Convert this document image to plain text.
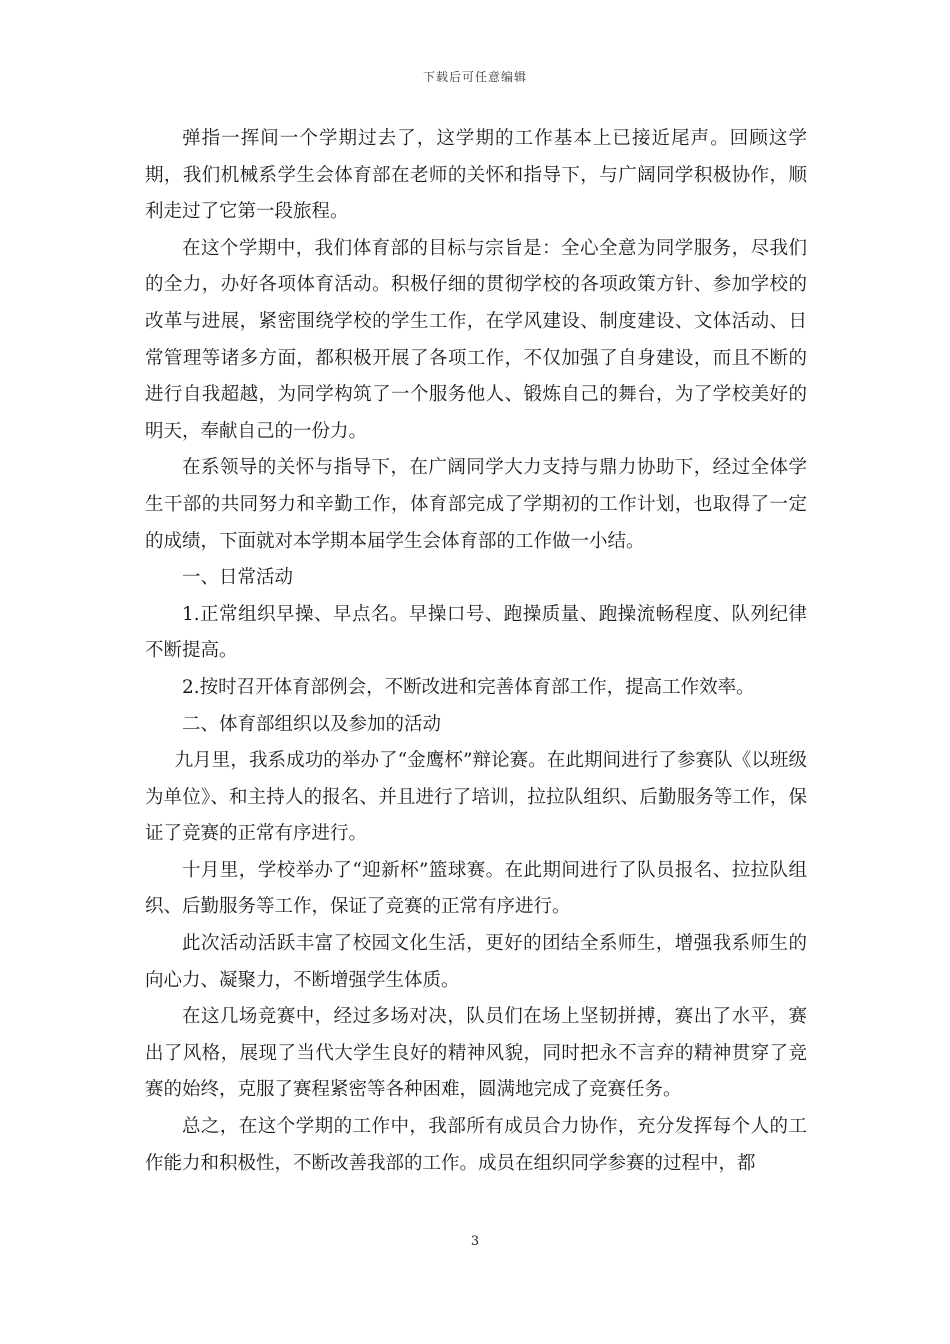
下载后可任意编辑

弹指一挥间一个学期过去了，这学期的工作基本上已接近尾声。回顾这学期，我们机械系学生会体育部在老师的关怀和指导下，与广阔同学积极协作，顺利走过了它第一段旅程。

在这个学期中，我们体育部的目标与宗旨是：全心全意为同学服务，尽我们的全力，办好各项体育活动。积极仔细的贯彻学校的各项政策方针、参加学校的改革与进展，紧密围绕学校的学生工作，在学风建设、制度建设、文体活动、日常管理等诸多方面，都积极开展了各项工作，不仅加强了自身建设，而且不断的进行自我超越，为同学构筑了一个服务他人、锻炼自己的舞台，为了学校美好的明天，奉献自己的一份力。

在系领导的关怀与指导下，在广阔同学大力支持与鼎力协助下，经过全体学生干部的共同努力和辛勤工作，体育部完成了学期初的工作计划，也取得了一定的成绩，下面就对本学期本届学生会体育部的工作做一小结。

一、日常活动

1.正常组织早操、早点名。早操口号、跑操质量、跑操流畅程度、队列纪律不断提高。

2.按时召开体育部例会，不断改进和完善体育部工作，提高工作效率。

二、体育部组织以及参加的活动

九月里，我系成功的举办了“金鹰杯”辩论赛。在此期间进行了参赛队《以班级为单位》、和主持人的报名、并且进行了培训，拉拉队组织、后勤服务等工作，保证了竞赛的正常有序进行。

十月里，学校举办了“迎新杯”篮球赛。在此期间进行了队员报名、拉拉队组织、后勤服务等工作，保证了竞赛的正常有序进行。

此次活动活跃丰富了校园文化生活，更好的团结全系师生，增强我系师生的向心力、凝聚力，不断增强学生体质。

在这几场竞赛中，经过多场对决，队员们在场上坚韧拼搏，赛出了水平，赛出了风格，展现了当代大学生良好的精神风貌，同时把永不言弃的精神贯穿了竞赛的始终，克服了赛程紧密等各种困难，圆满地完成了竞赛任务。

总之，在这个学期的工作中，我部所有成员合力协作，充分发挥每个人的工作能力和积极性，不断改善我部的工作。成员在组织同学参赛的过程中，都

3
